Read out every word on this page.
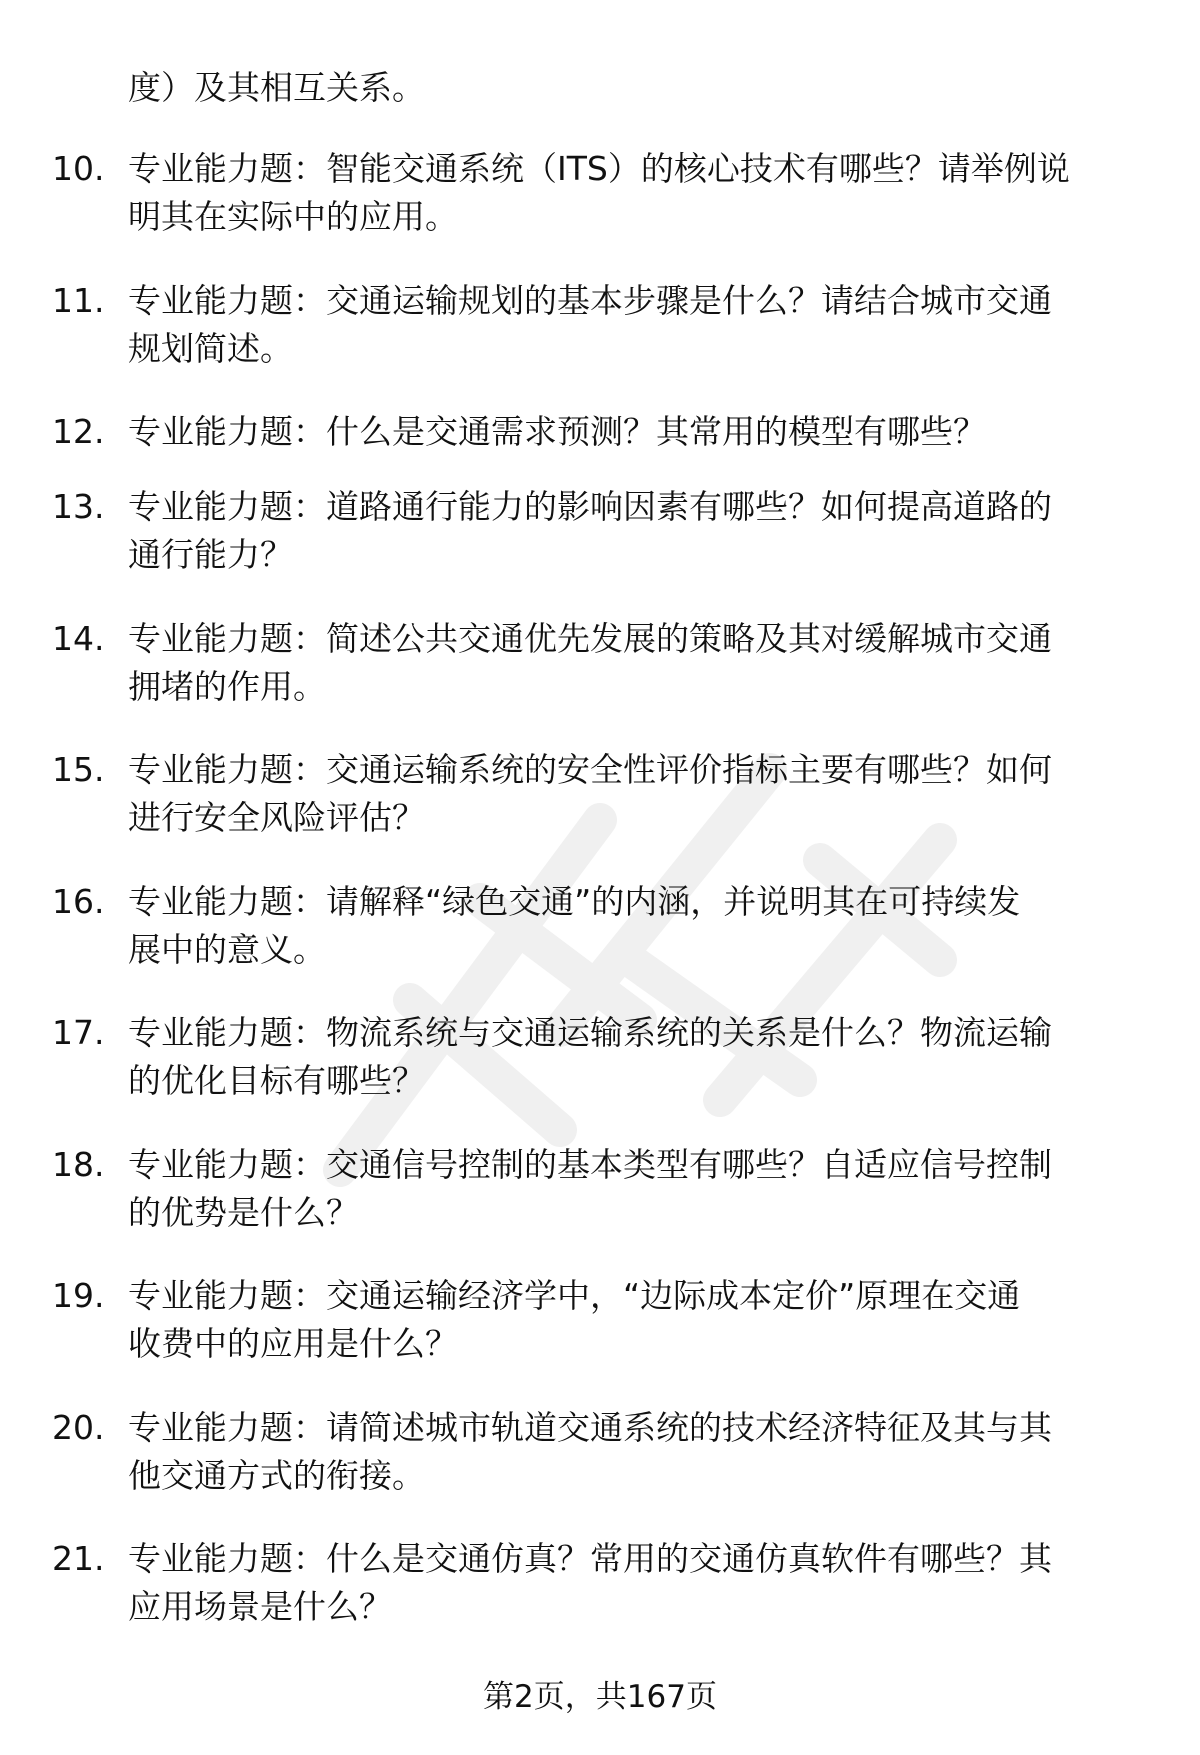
度）及其相互关系。
10. 专业能力题：智能交通系统（ITS）的核心技术有哪些？请举例说
明其在实际中的应用。
11. 专业能力题：交通运输规划的基本步骤是什么？请结合城市交通
规划简述。
12. 专业能力题：什么是交通需求预测？其常用的模型有哪些？
13. 专业能力题：道路通行能力的影响因素有哪些？如何提高道路的
通行能力？
14. 专业能力题：简述公共交通优先发展的策略及其对缓解城市交通
拥堵的作用。
15. 专业能力题：交通运输系统的安全性评价指标主要有哪些？如何
进行安全风险评估？
16. 专业能力题：请解释“绿色交通”的内涵，并说明其在可持续发
展中的意义。
17. 专业能力题：物流系统与交通运输系统的关系是什么？物流运输
的优化目标有哪些？
18. 专业能力题：交通信号控制的基本类型有哪些？自适应信号控制
的优势是什么？
19. 专业能力题：交通运输经济学中，“边际成本定价”原理在交通
收费中的应用是什么？
20. 专业能力题：请简述城市轨道交通系统的技术经济特征及其与其
他交通方式的衔接。
21. 专业能力题：什么是交通仿真？常用的交通仿真软件有哪些？其
应用场景是什么？
第2页，共167页
